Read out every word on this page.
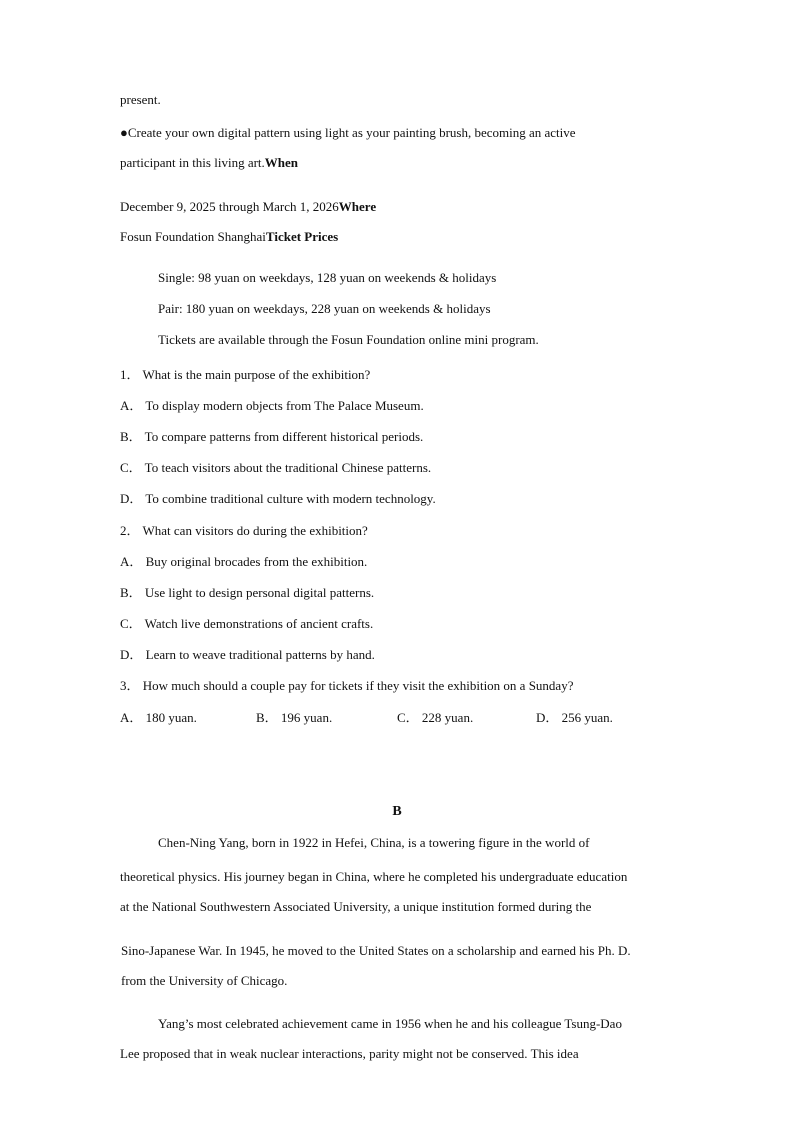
present.
●Create your own digital pattern using light as your painting brush, becoming an active
participant in this living art.When
December 9, 2025 through March 1, 2026Where
Fosun Foundation ShanghaiTicket Prices
Single: 98 yuan on weekdays, 128 yuan on weekends & holidays
Pair: 180 yuan on weekdays, 228 yuan on weekends & holidays
Tickets are available through the Fosun Foundation online mini program.
1． What is the main purpose of the exhibition?
A． To display modern objects from The Palace Museum.
B． To compare patterns from different historical periods.
C． To teach visitors about the traditional Chinese patterns.
D． To combine traditional culture with modern technology.
2． What can visitors do during the exhibition?
A． Buy original brocades from the exhibition.
B． Use light to design personal digital patterns.
C． Watch live demonstrations of ancient crafts.
D． Learn to weave traditional patterns by hand.
3． How much should a couple pay for tickets if they visit the exhibition on a Sunday?
A． 180 yuan.	B． 196 yuan.	C． 228 yuan.	D． 256 yuan.
B
Chen-Ning Yang, born in 1922 in Hefei, China, is a towering figure in the world of
theoretical physics. His journey began in China, where he completed his undergraduate education
at the National Southwestern Associated University, a unique institution formed during the
Sino-Japanese War. In 1945, he moved to the United States on a scholarship and earned his Ph. D.
from the University of Chicago.
Yang’s most celebrated achievement came in 1956 when he and his colleague Tsung-Dao
Lee proposed that in weak nuclear interactions, parity might not be conserved. This idea
